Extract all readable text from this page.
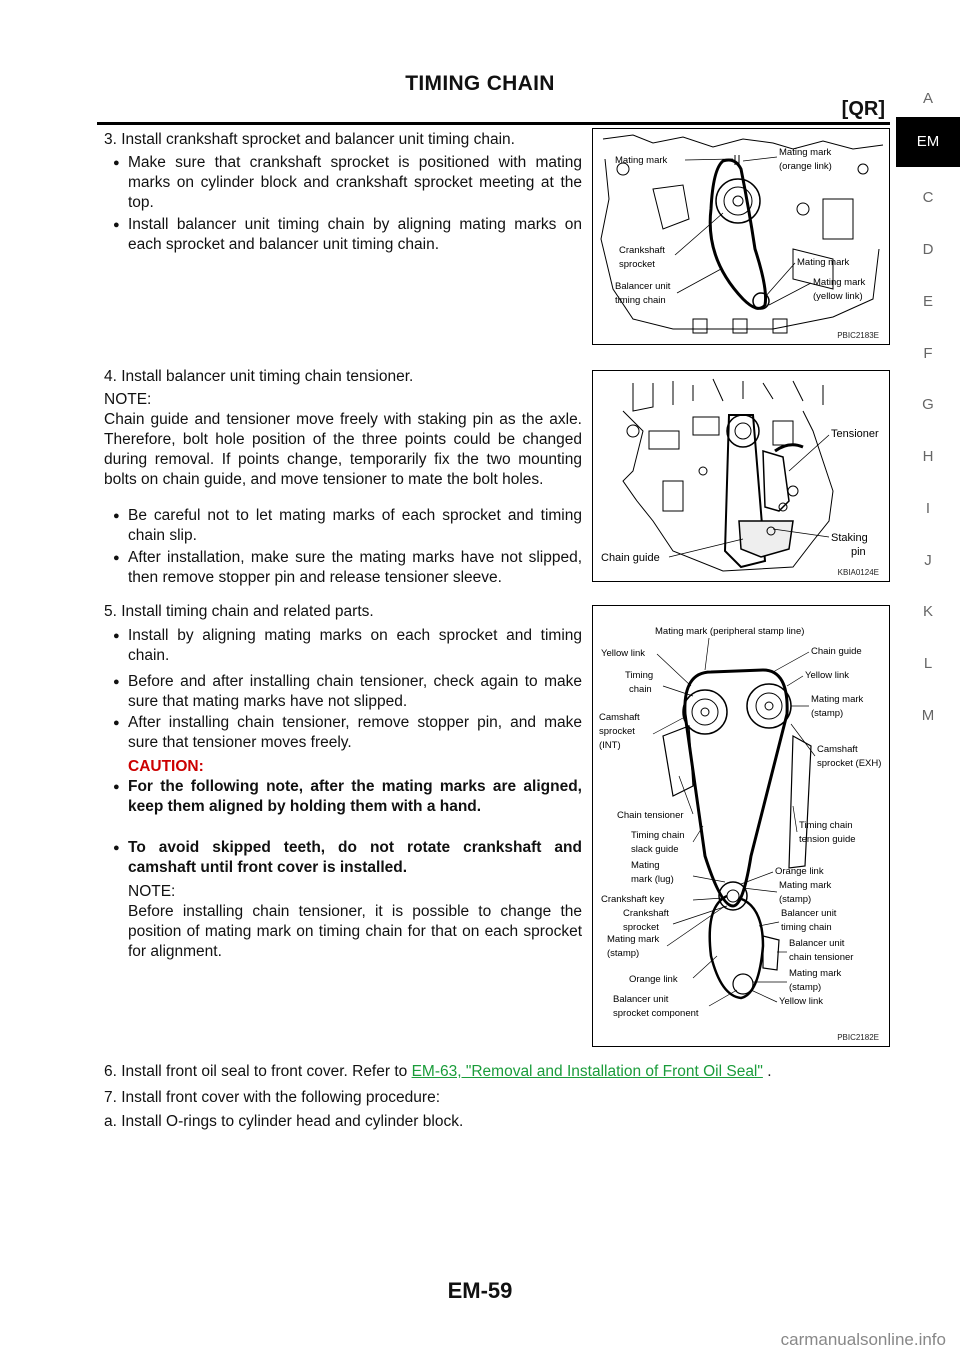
TIMING CHAIN
[QR]	A
EM
C
D
E
F
G
H
I
J
K
L
M
3. Install crankshaft sprocket and balancer unit timing chain.
● Make sure that crankshaft sprocket is positioned with mating marks on cylinder block and crankshaft sprocket meeting at the top.
● Install balancer unit timing chain by aligning mating marks on each sprocket and balancer unit timing chain.
Mating mark
Mating mark
(orange link)
Crankshaft
sprocket
Balancer unit
timing chain
Mating mark
Mating mark
(yellow link)
PBIC2183E
4. Install balancer unit timing chain tensioner.
NOTE:
Chain guide and tensioner move freely with staking pin as the axle. Therefore, bolt hole position of the three points could be changed during removal. If points change, temporarily fix the two mounting bolts on chain guide, and move tensioner to mate the bolt holes.
● Be careful not to let mating marks of each sprocket and timing chain slip.
● After installation, make sure the mating marks have not slipped, then remove stopper pin and release tensioner sleeve.
Tensioner
Staking
pin
Chain guide
KBIA0124E
5. Install timing chain and related parts.
● Install by aligning mating marks on each sprocket and timing chain.
● Before and after installing chain tensioner, check again to make sure that mating marks have not slipped.
● After installing chain tensioner, remove stopper pin, and make sure that tensioner moves freely.
CAUTION:
● For the following note, after the mating marks are aligned, keep them aligned by holding them with a hand.
● To avoid skipped teeth, do not rotate crankshaft and camshaft until front cover is installed.
NOTE:
Before installing chain tensioner, it is possible to change the position of mating mark on timing chain for that on each sprocket for alignment.
Mating mark (peripheral stamp line)
Yellow link	Chain guide
Timing
chain
Yellow link
Mating mark
(stamp)
Camshaft
sprocket
(INT)	Camshaft
sprocket (EXH)
Chain tensioner
Timing chain
slack guide
Timing chain
tension guide
Mating
mark (lug)
Orange link
Mating mark
(stamp)
Crankshaft key
Crankshaft
sprocket
Balancer unit
timing chain
Mating mark
(stamp)
Balancer unit
chain tensioner
Orange link
Mating mark
(stamp)
Balancer unit
sprocket component
Yellow link
PBIC2182E
6. Install front oil seal to front cover. Refer to EM-63, "Removal and Installation of Front Oil Seal" .
7. Install front cover with the following procedure:
a. Install O-rings to cylinder head and cylinder block.
EM-59
carmanualsonline.info
